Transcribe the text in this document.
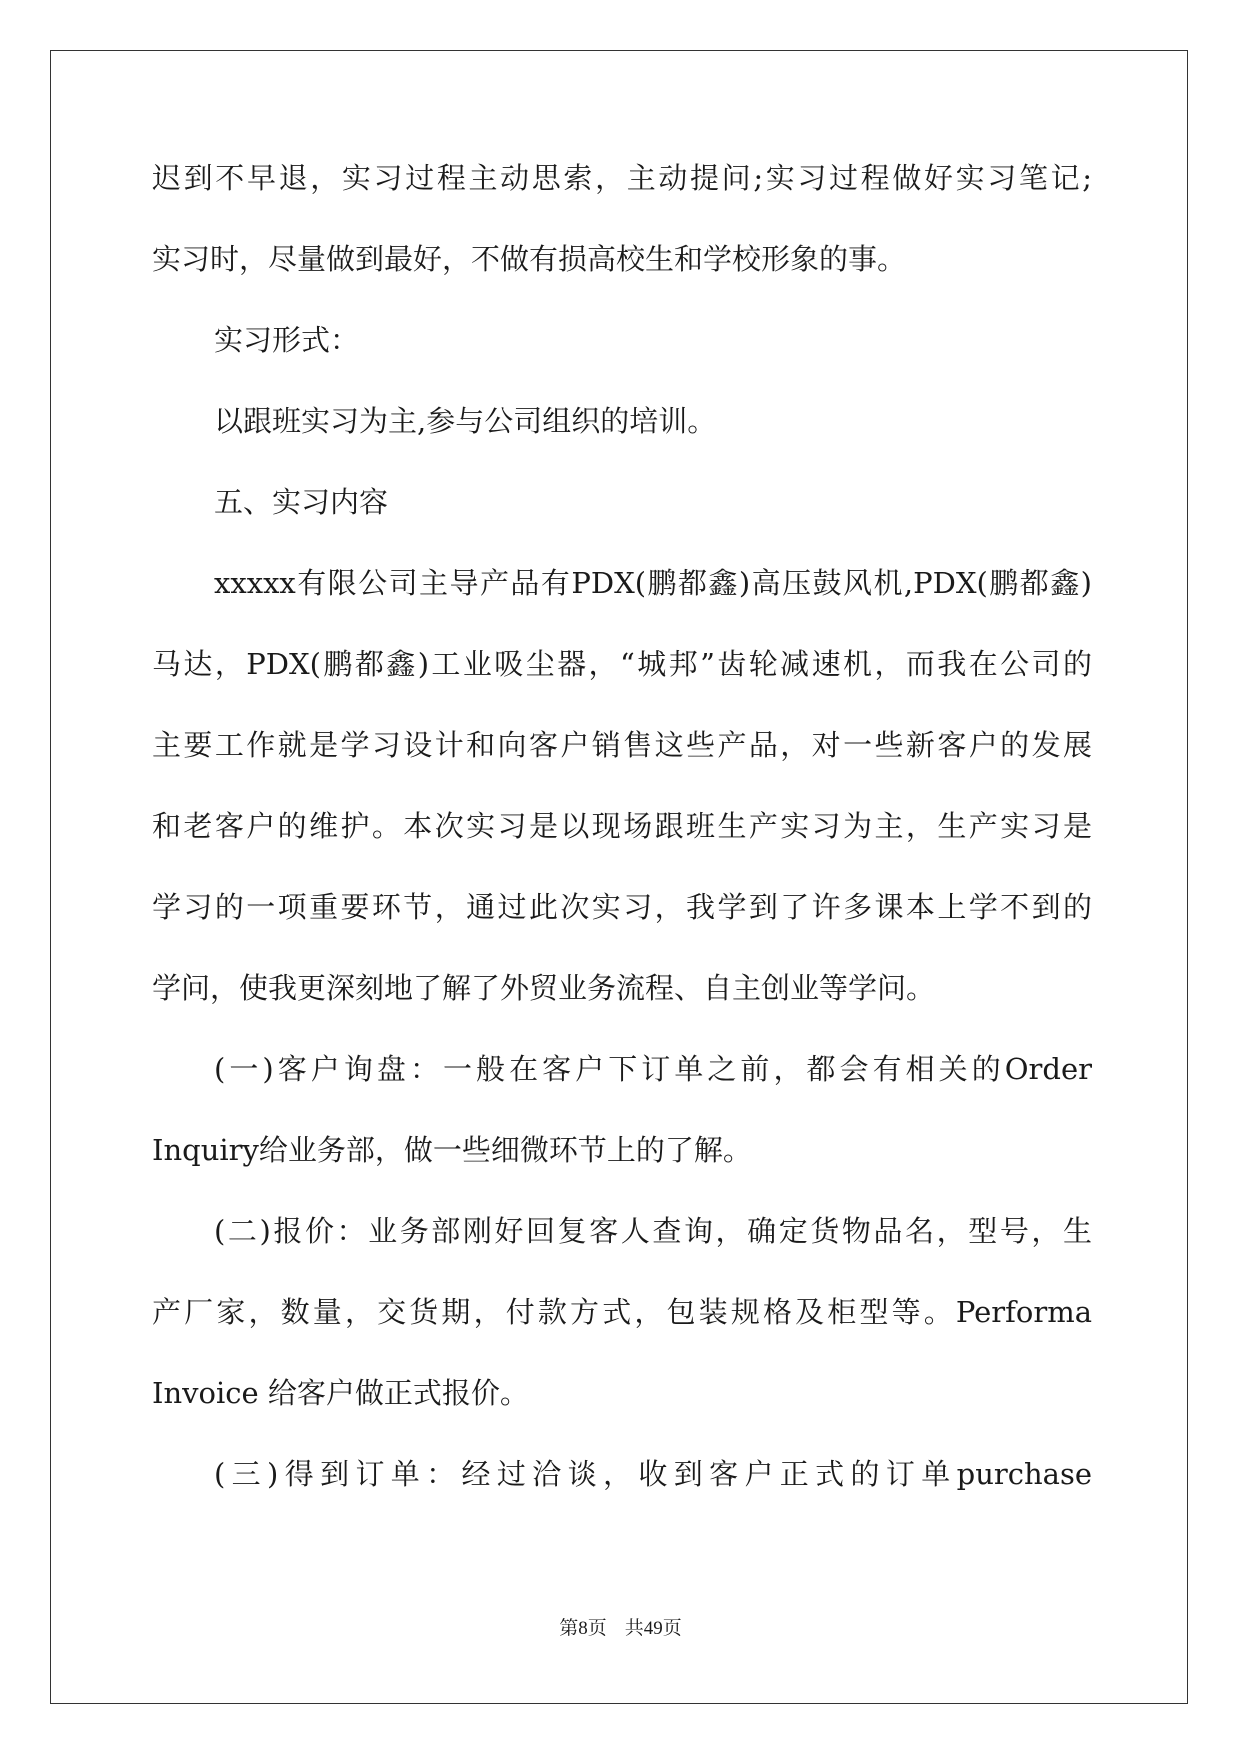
迟到不早退，实习过程主动思索，主动提问;实习过程做好实习笔记;
实习时，尽量做到最好，不做有损高校生和学校形象的事。
实习形式：
以跟班实习为主,参与公司组织的培训。
五、实习内容
xxxxx有限公司主导产品有PDX(鹏都鑫)高压鼓风机,PDX(鹏都鑫)
马达，PDX(鹏都鑫)工业吸尘器，“城邦”齿轮减速机，而我在公司的
主要工作就是学习设计和向客户销售这些产品，对一些新客户的发展
和老客户的维护。本次实习是以现场跟班生产实习为主，生产实习是
学习的一项重要环节，通过此次实习，我学到了许多课本上学不到的
学问，使我更深刻地了解了外贸业务流程、自主创业等学问。
(一)客户询盘：一般在客户下订单之前，都会有相关的Order
Inquiry给业务部，做一些细微环节上的了解。
(二)报价：业务部刚好回复客人查询，确定货物品名，型号，生
产厂家，数量，交货期，付款方式，包装规格及柜型等。Performa
Invoice 给客户做正式报价。
(三)得到订单：经过洽谈，收到客户正式的订单purchase
第8页 共49页
